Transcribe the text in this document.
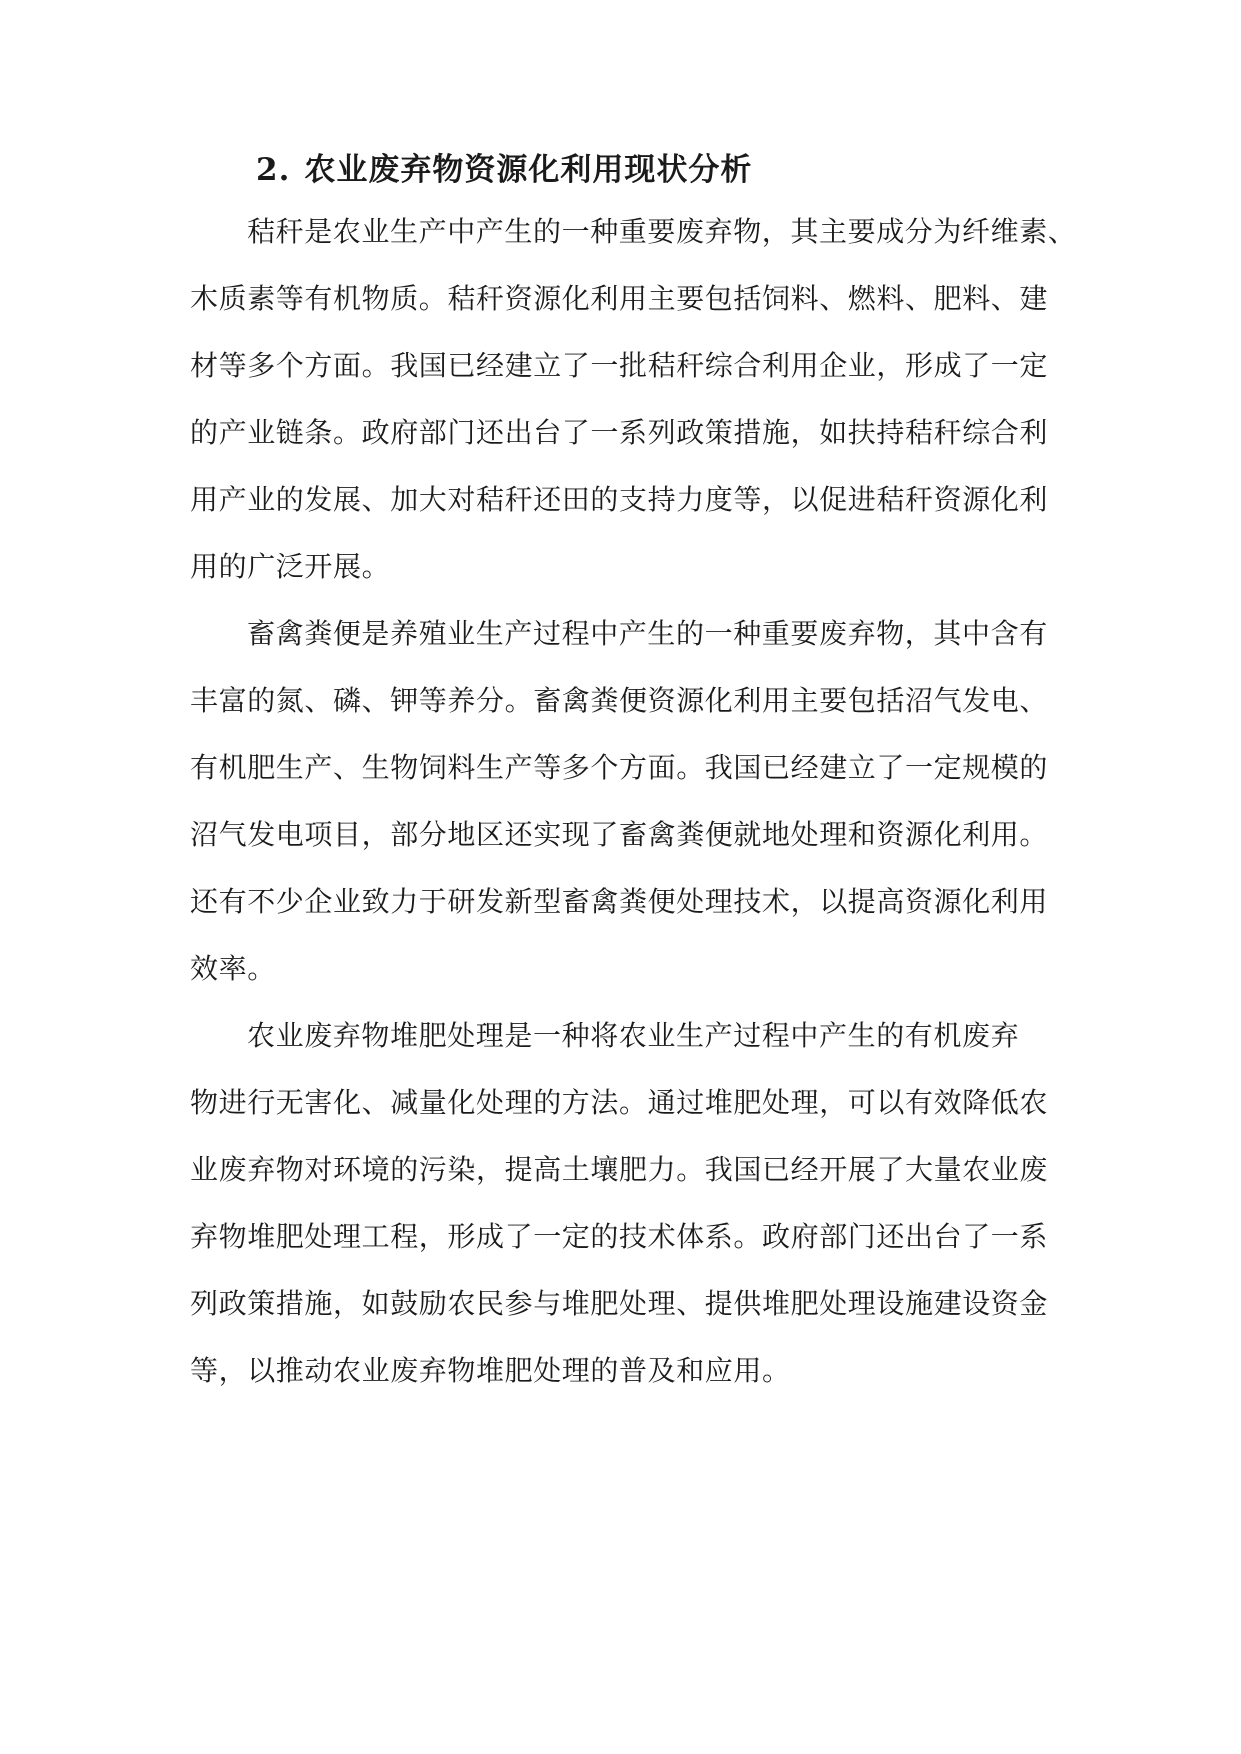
2. 农业废弃物资源化利用现状分析
秸秆是农业生产中产生的一种重要废弃物，其主要成分为纤维素、
木质素等有机物质。秸秆资源化利用主要包括饲料、燃料、肥料、建
材等多个方面。我国已经建立了一批秸秆综合利用企业，形成了一定
的产业链条。政府部门还出台了一系列政策措施，如扶持秸秆综合利
用产业的发展、加大对秸秆还田的支持力度等，以促进秸秆资源化利
用的广泛开展。
畜禽粪便是养殖业生产过程中产生的一种重要废弃物，其中含有
丰富的氮、磷、钾等养分。畜禽粪便资源化利用主要包括沼气发电、
有机肥生产、生物饲料生产等多个方面。我国已经建立了一定规模的
沼气发电项目，部分地区还实现了畜禽粪便就地处理和资源化利用。
还有不少企业致力于研发新型畜禽粪便处理技术，以提高资源化利用
效率。
农业废弃物堆肥处理是一种将农业生产过程中产生的有机废弃
物进行无害化、减量化处理的方法。通过堆肥处理，可以有效降低农
业废弃物对环境的污染，提高土壤肥力。我国已经开展了大量农业废
弃物堆肥处理工程，形成了一定的技术体系。政府部门还出台了一系
列政策措施，如鼓励农民参与堆肥处理、提供堆肥处理设施建设资金
等，以推动农业废弃物堆肥处理的普及和应用。
